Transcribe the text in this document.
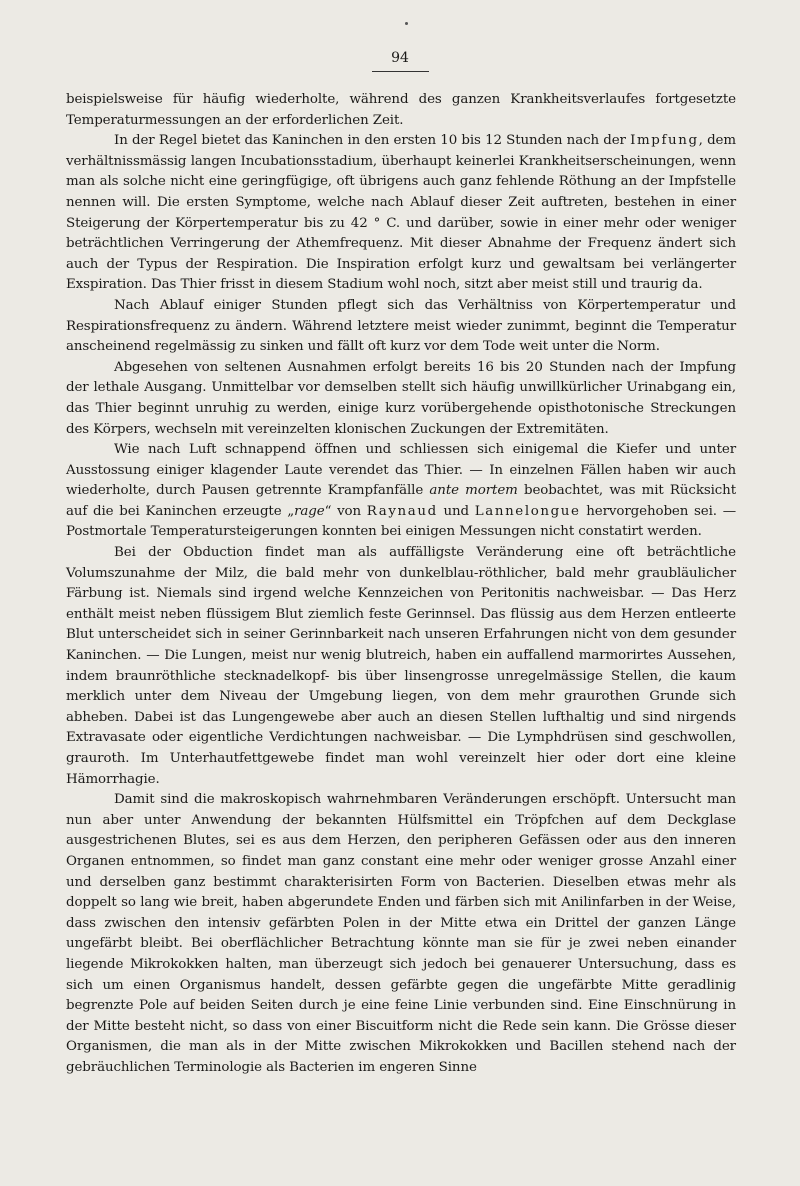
94

beispielsweise für häufig wiederholte, während des ganzen Krankheitsverlaufes fortgesetzte Temperaturmessungen an der erforderlichen Zeit.

In der Regel bietet das Kaninchen in den ersten 10 bis 12 Stunden nach der Impfung, dem verhältnissmässig langen Incubationsstadium, überhaupt keinerlei Krankheitserscheinungen, wenn man als solche nicht eine geringfügige, oft übrigens auch ganz fehlende Röthung an der Impfstelle nennen will. Die ersten Symptome, welche nach Ablauf dieser Zeit auftreten, bestehen in einer Steigerung der Körpertemperatur bis zu 42 ° C. und darüber, sowie in einer mehr oder weniger beträchtlichen Verringerung der Athemfrequenz. Mit dieser Abnahme der Frequenz ändert sich auch der Typus der Respiration. Die Inspiration erfolgt kurz und gewaltsam bei verlängerter Exspiration. Das Thier frisst in diesem Stadium wohl noch, sitzt aber meist still und traurig da.

Nach Ablauf einiger Stunden pflegt sich das Verhältniss von Körpertemperatur und Respirationsfrequenz zu ändern. Während letztere meist wieder zunimmt, beginnt die Temperatur anscheinend regelmässig zu sinken und fällt oft kurz vor dem Tode weit unter die Norm.

Abgesehen von seltenen Ausnahmen erfolgt bereits 16 bis 20 Stunden nach der Impfung der lethale Ausgang. Unmittelbar vor demselben stellt sich häufig unwillkürlicher Urinabgang ein, das Thier beginnt unruhig zu werden, einige kurz vorübergehende opisthotonische Streckungen des Körpers, wechseln mit vereinzelten klonischen Zuckungen der Extremitäten.

Wie nach Luft schnappend öffnen und schliessen sich einigemal die Kiefer und unter Ausstossung einiger klagender Laute verendet das Thier. — In einzelnen Fällen haben wir auch wiederholte, durch Pausen getrennte Krampfanfälle ante mortem beobachtet, was mit Rücksicht auf die bei Kaninchen erzeugte „rage“ von Raynaud und Lannelongue hervorgehoben sei. — Postmortale Temperatursteigerungen konnten bei einigen Messungen nicht constatirt werden.

Bei der Obduction findet man als auffälligste Veränderung eine oft beträchtliche Volumszunahme der Milz, die bald mehr von dunkelblau-röthlicher, bald mehr graubläulicher Färbung ist. Niemals sind irgend welche Kennzeichen von Peritonitis nachweisbar. — Das Herz enthält meist neben flüssigem Blut ziemlich feste Gerinnsel. Das flüssig aus dem Herzen entleerte Blut unterscheidet sich in seiner Gerinnbarkeit nach unseren Erfahrungen nicht von dem gesunder Kaninchen. — Die Lungen, meist nur wenig blutreich, haben ein auffallend marmorirtes Aussehen, indem braunröthliche stecknadelkopf- bis über linsengrosse unregelmässige Stellen, die kaum merklich unter dem Niveau der Umgebung liegen, von dem mehr graurothen Grunde sich abheben. Dabei ist das Lungengewebe aber auch an diesen Stellen lufthaltig und sind nirgends Extravasate oder eigentliche Verdichtungen nachweisbar. — Die Lymphdrüsen sind geschwollen, grauroth. Im Unterhautfettgewebe findet man wohl vereinzelt hier oder dort eine kleine Hämorrhagie.

Damit sind die makroskopisch wahrnehmbaren Veränderungen erschöpft. Untersucht man nun aber unter Anwendung der bekannten Hülfsmittel ein Tröpfchen auf dem Deckglase ausgestrichenen Blutes, sei es aus dem Herzen, den peripheren Gefässen oder aus den inneren Organen entnommen, so findet man ganz constant eine mehr oder weniger grosse Anzahl einer und derselben ganz bestimmt charakterisirten Form von Bacterien. Dieselben etwas mehr als doppelt so lang wie breit, haben abgerundete Enden und färben sich mit Anilinfarben in der Weise, dass zwischen den intensiv gefärbten Polen in der Mitte etwa ein Drittel der ganzen Länge ungefärbt bleibt. Bei oberflächlicher Betrachtung könnte man sie für je zwei neben einander liegende Mikrokokken halten, man überzeugt sich jedoch bei genauerer Untersuchung, dass es sich um einen Organismus handelt, dessen gefärbte gegen die ungefärbte Mitte geradlinig begrenzte Pole auf beiden Seiten durch je eine feine Linie verbunden sind. Eine Einschnürung in der Mitte besteht nicht, so dass von einer Biscuitform nicht die Rede sein kann. Die Grösse dieser Organismen, die man als in der Mitte zwischen Mikrokokken und Bacillen stehend nach der gebräuchlichen Terminologie als Bacterien im engeren Sinne
